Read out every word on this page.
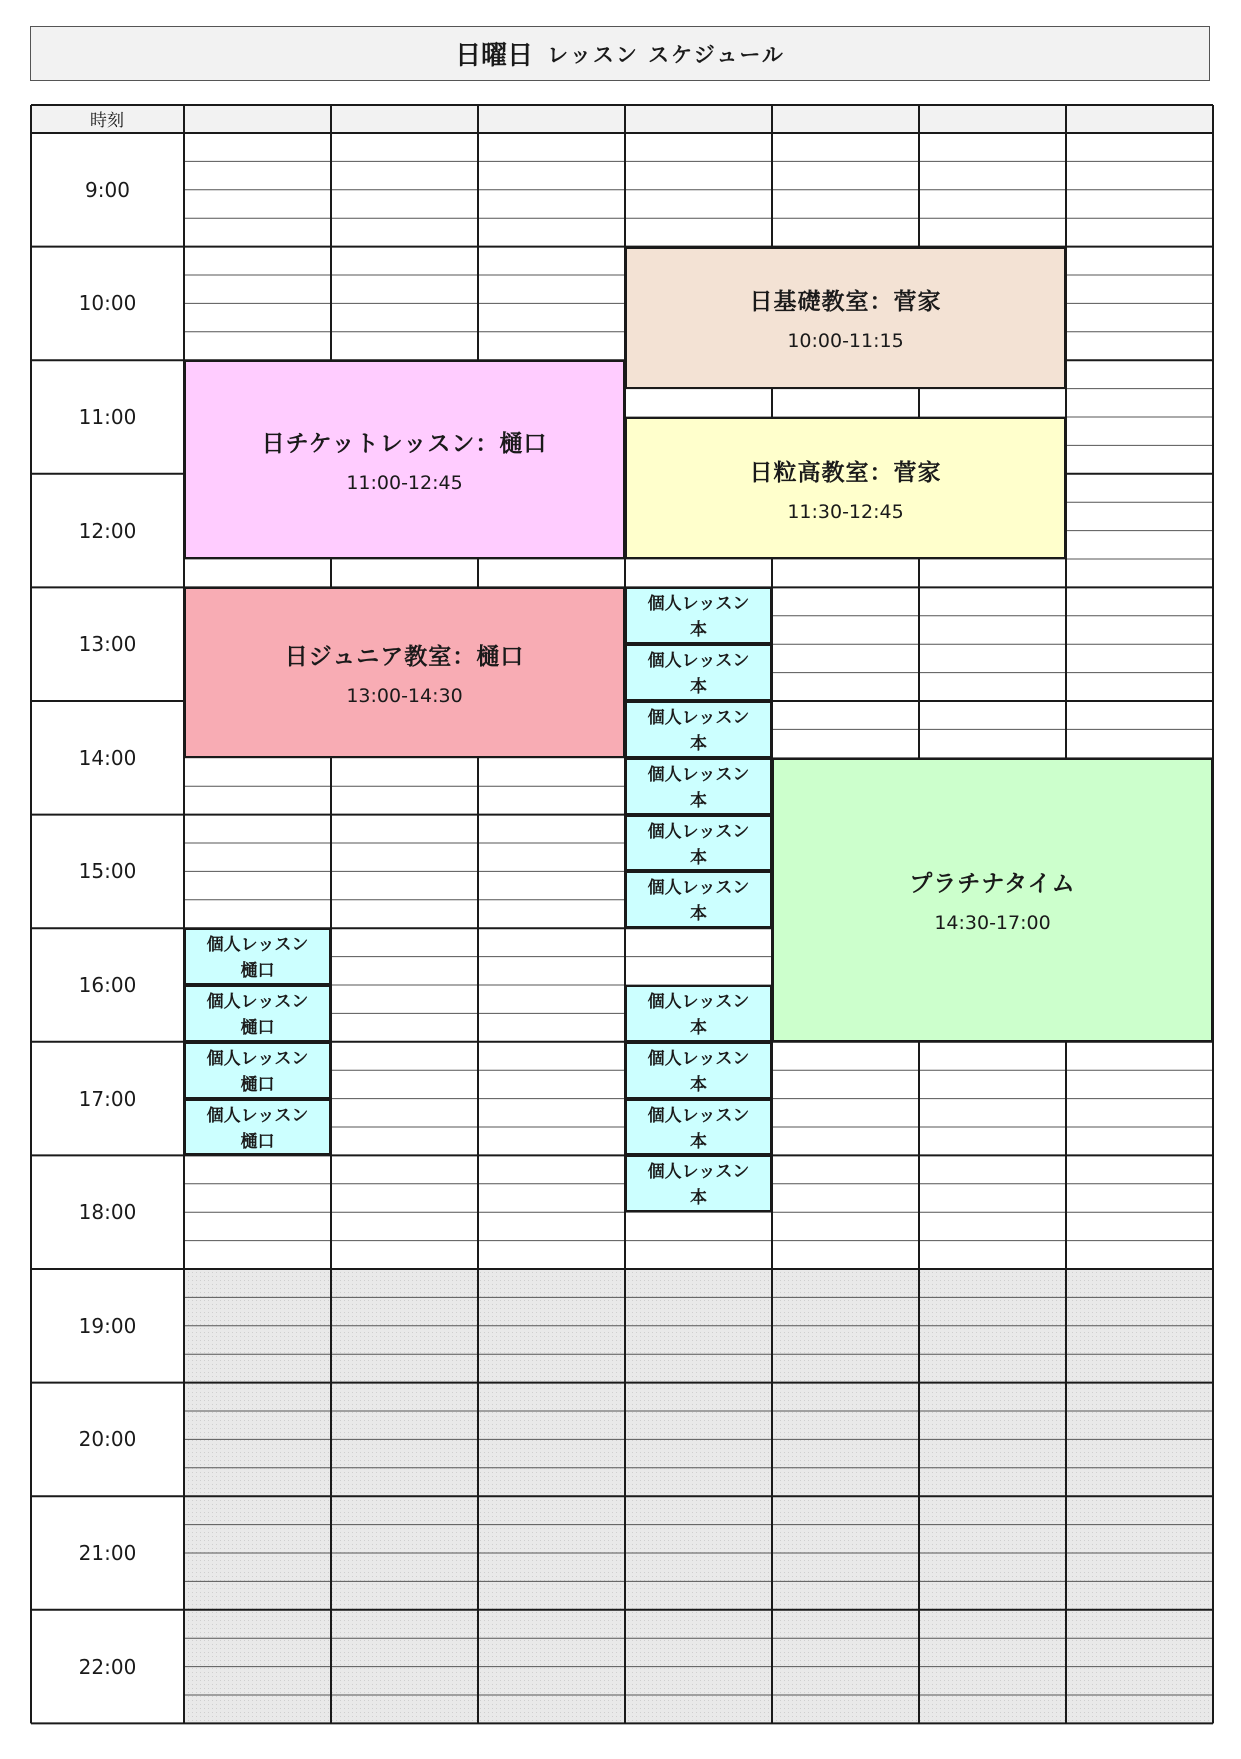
日曜日 レッスン スケジュール
時刻
9:00
10:00
11:00
12:00
13:00
14:00
15:00
16:00
17:00
18:00
19:00
20:00
21:00
22:00
日基礎教室：菅家
10:00-11:15
日チケットレッスン：樋口
11:00-12:45	日粒高教室：菅家
11:30-12:45
日ジュニア教室：樋口
13:00-14:30
プラチナタイム
14:30-17:00
個人レッスン
本
個人レッスン
本
個人レッスン
本
個人レッスン
本
個人レッスン
本
個人レッスン
本
個人レッスン
本
個人レッスン
本
個人レッスン
本
個人レッスン
本
個人レッスン
樋口
個人レッスン
樋口
個人レッスン
樋口
個人レッスン
樋口
